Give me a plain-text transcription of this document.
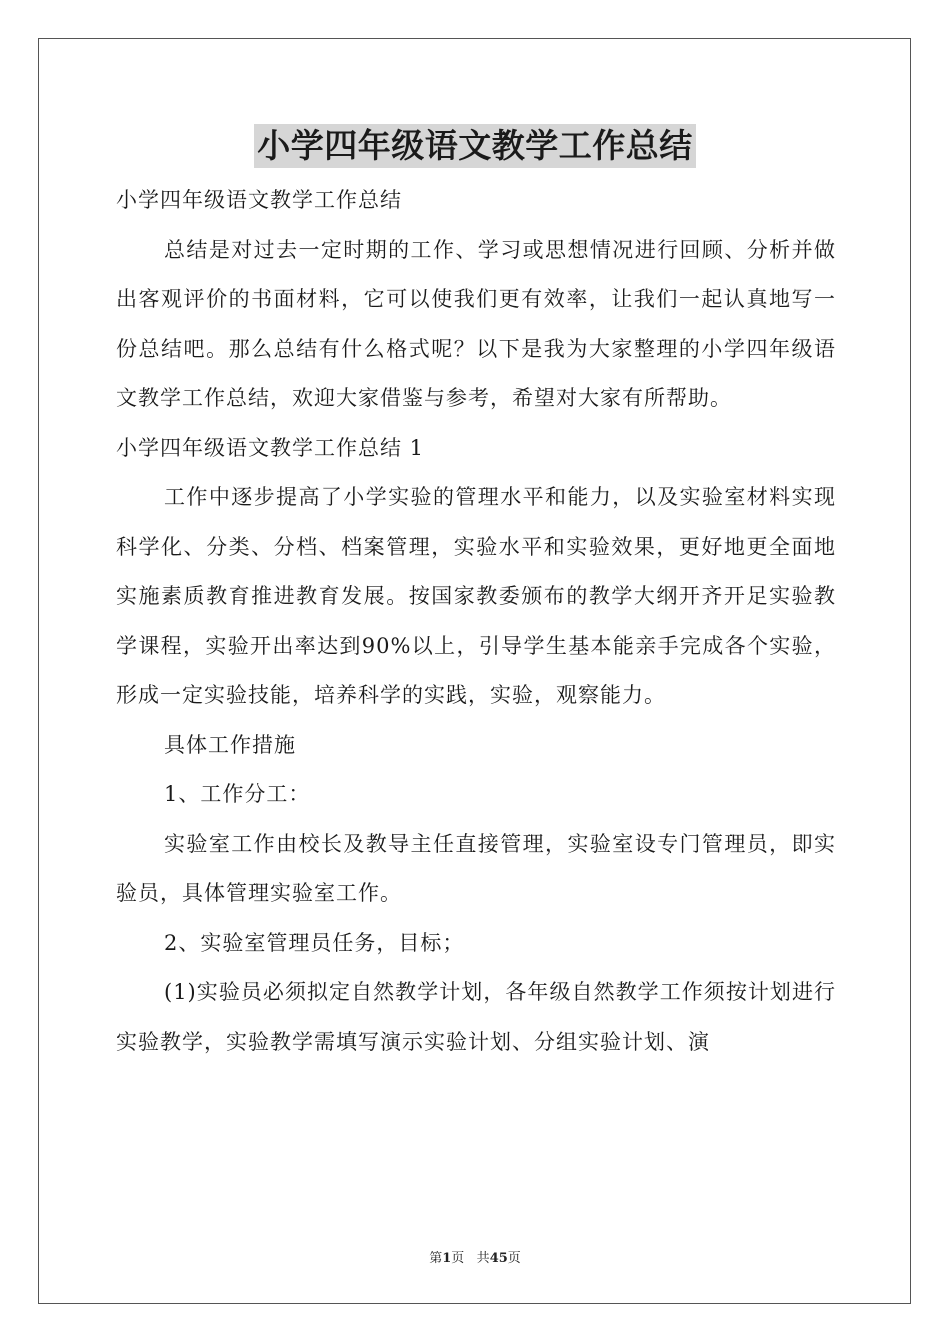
小学四年级语文教学工作总结

小学四年级语文教学工作总结

总结是对过去一定时期的工作、学习或思想情况进行回顾、分析并做出客观评价的书面材料，它可以使我们更有效率，让我们一起认真地写一份总结吧。那么总结有什么格式呢？以下是我为大家整理的小学四年级语文教学工作总结，欢迎大家借鉴与参考，希望对大家有所帮助。

小学四年级语文教学工作总结 1

工作中逐步提高了小学实验的管理水平和能力，以及实验室材料实现科学化、分类、分档、档案管理，实验水平和实验效果，更好地更全面地实施素质教育推进教育发展。按国家教委颁布的教学大纲开齐开足实验教学课程，实验开出率达到90%以上，引导学生基本能亲手完成各个实验，形成一定实验技能，培养科学的实践，实验，观察能力。

具体工作措施

1、工作分工：

实验室工作由校长及教导主任直接管理，实验室设专门管理员，即实验员，具体管理实验室工作。

2、实验室管理员任务，目标；

(1)实验员必须拟定自然教学计划，各年级自然教学工作须按计划进行实验教学，实验教学需填写演示实验计划、分组实验计划、演

第1页 共45页
